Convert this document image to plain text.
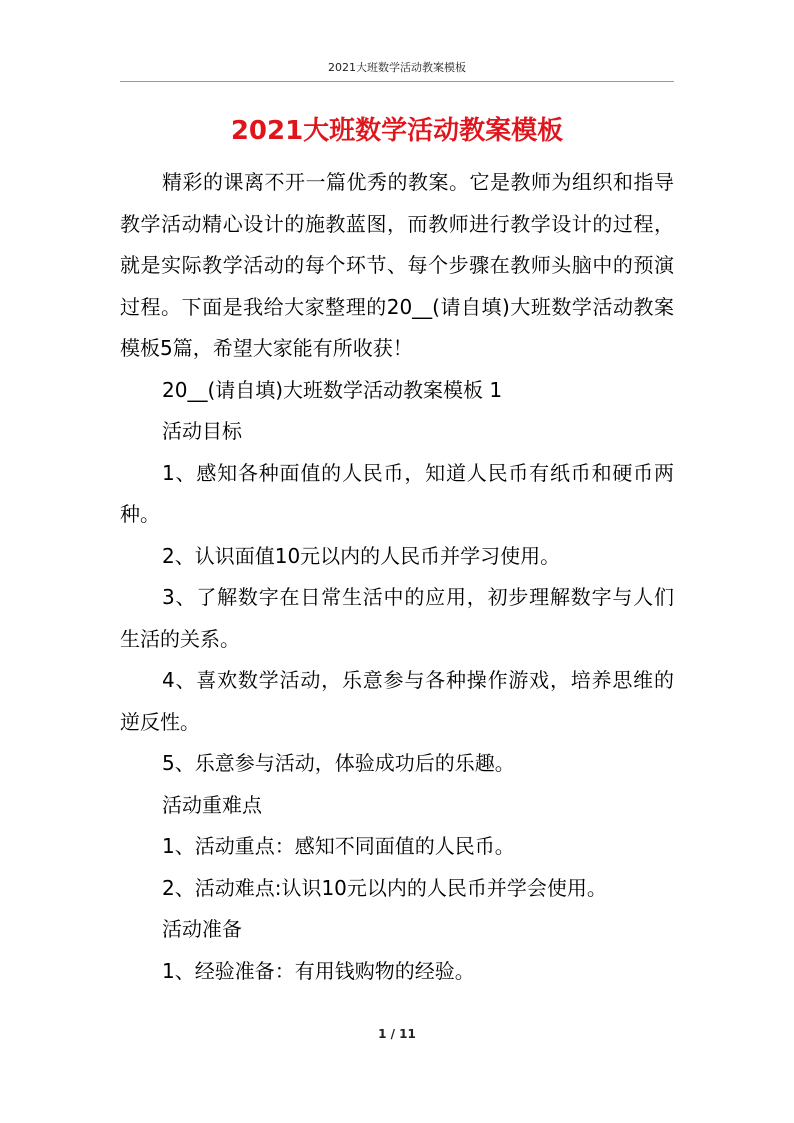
2021大班数学活动教案模板
2021大班数学活动教案模板

精彩的课离不开一篇优秀的教案。它是教师为组织和指导教学活动精心设计的施教蓝图，而教师进行教学设计的过程，就是实际教学活动的每个环节、每个步骤在教师头脑中的预演过程。下面是我给大家整理的20__(请自填)大班数学活动教案模板5篇，希望大家能有所收获！

20__(请自填)大班数学活动教案模板 1

活动目标

1、感知各种面值的人民币，知道人民币有纸币和硬币两种。

2、认识面值10元以内的人民币并学习使用。

3、了解数字在日常生活中的应用，初步理解数字与人们生活的关系。

4、喜欢数学活动，乐意参与各种操作游戏，培养思维的逆反性。

5、乐意参与活动，体验成功后的乐趣。

活动重难点

1、活动重点：感知不同面值的人民币。

2、活动难点:认识10元以内的人民币并学会使用。

活动准备

1、经验准备：有用钱购物的经验。

1 / 11
